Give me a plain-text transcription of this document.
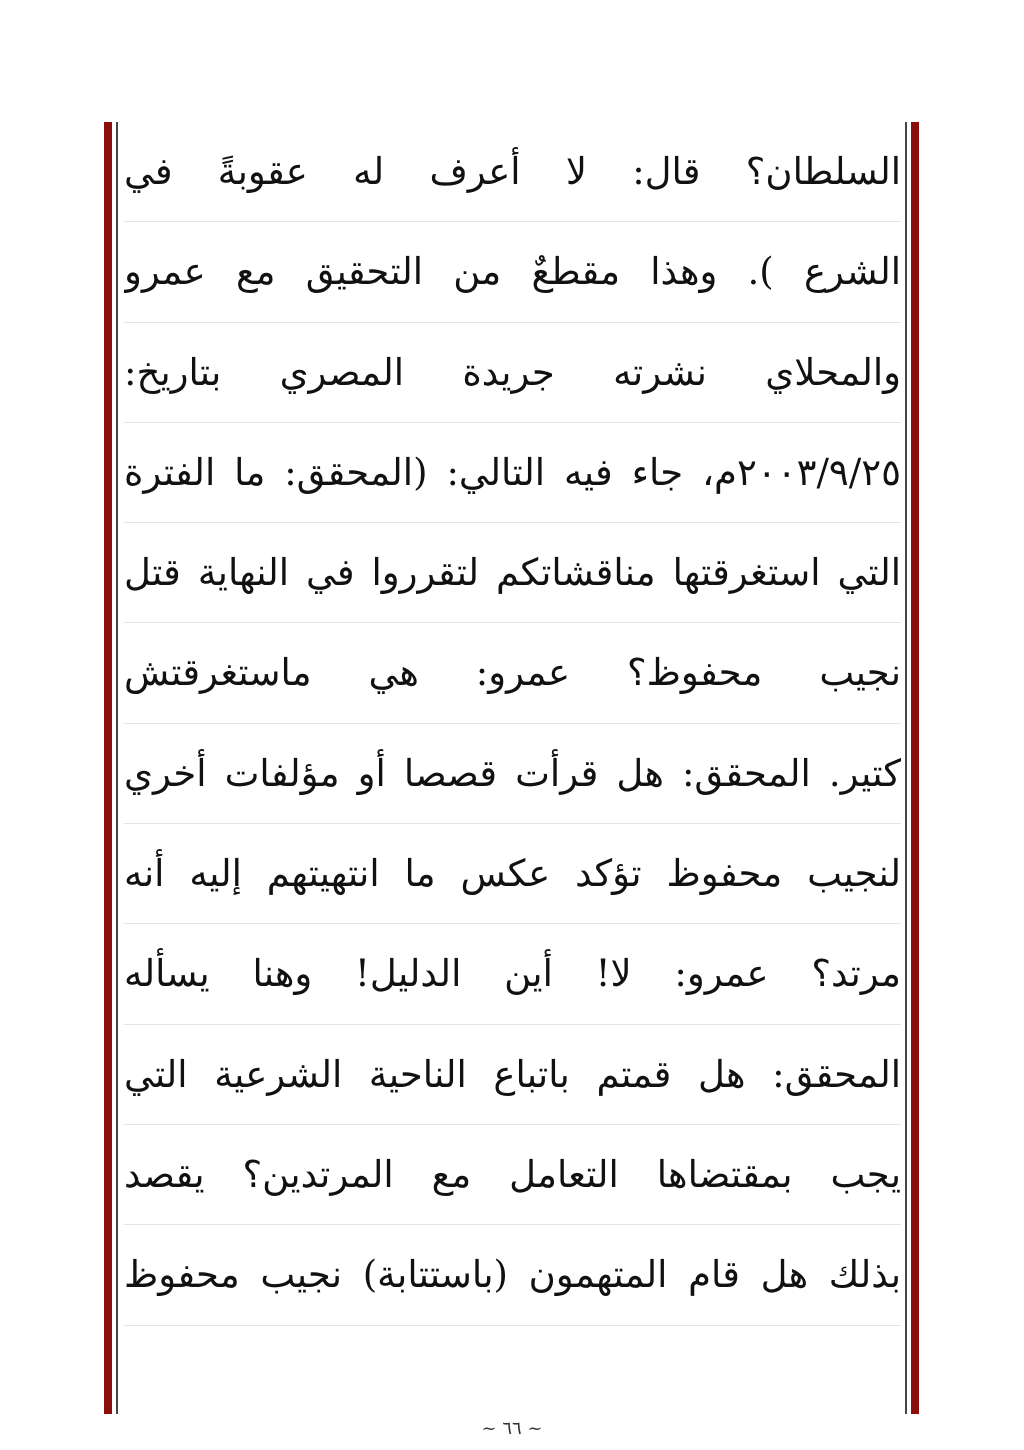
السلطان؟ قال: لا أعرف له عقوبةً في
الشرع ). وهذا مقطعٌ من التحقيق مع عمرو
والمحلاي نشرته جريدة المصري بتاريخ:
٢٠٠٣/٩/٢٥م، جاء فيه التالي: (المحقق: ما الفترة
التي استغرقتها مناقشاتكم لتقرروا في النهاية قتل
نجيب محفوظ؟ عمرو: هي ماستغرقتش
كتير. المحقق: هل قرأت قصصا أو مؤلفات أخري
لنجيب محفوظ تؤكد عكس ما انتهيتهم إليه أنه
مرتد؟ عمرو: لا! أين الدليل! وهنا يسأله
المحقق: هل قمتم باتباع الناحية الشرعية التي
يجب بمقتضاها التعامل مع المرتدين؟ يقصد
بذلك هل قام المتهمون (باستتابة) نجيب محفوظ
~ ٦٦ ~
